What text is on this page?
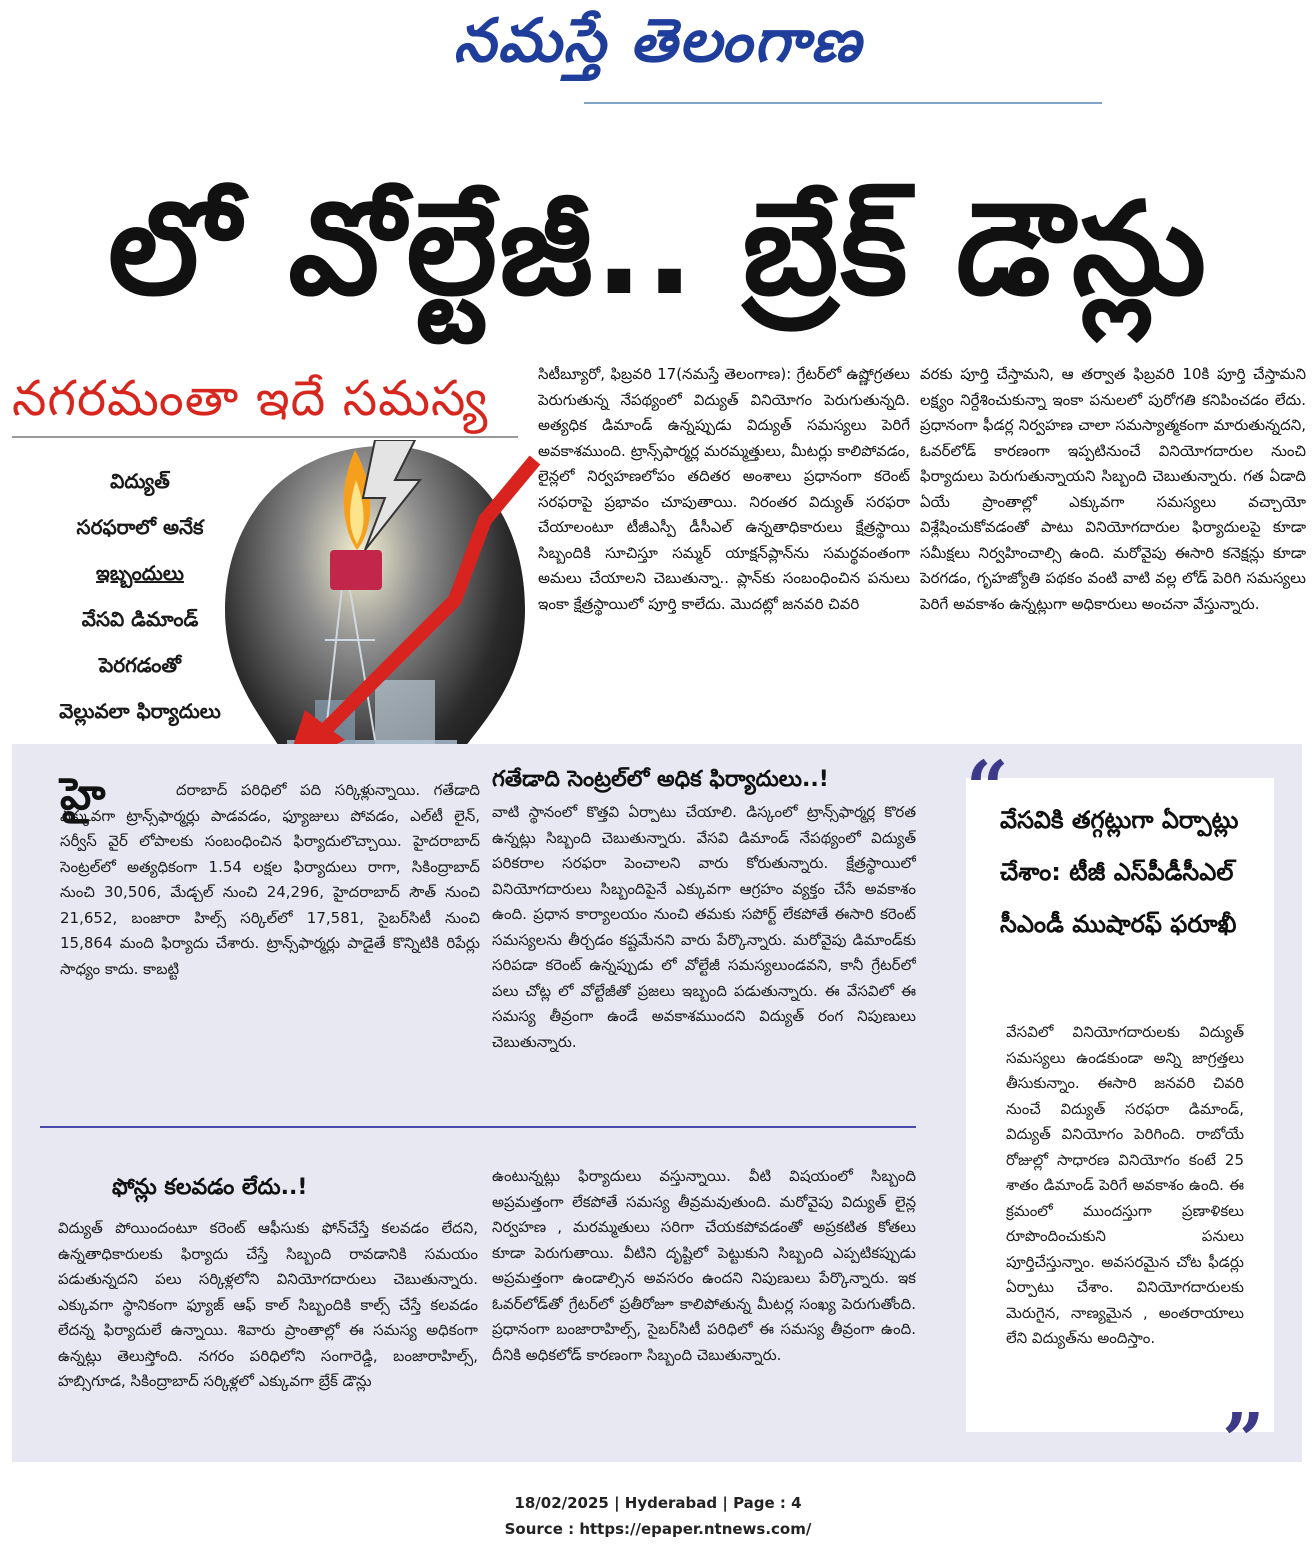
నమస్తే తెలంగాణ
లో వోల్టేజీ.. బ్రేక్ డౌన్లు
నగరమంతా ఇదే సమస్య
విద్యుత్
సరఫరాలో అనేక
ఇబ్బందులు
వేసవి డిమాండ్
పెరగడంతో
వెల్లువలా ఫిర్యాదులు
సిటీబ్యూరో, ఫిబ్రవరి 17(నమస్తే తెలంగాణ): గ్రేటర్‌లో ఉష్ణోగ్రతలు పెరుగుతున్న నేపథ్యంలో విద్యుత్ వినియోగం పెరుగుతున్నది. అత్యధిక డిమాండ్ ఉన్నప్పుడు విద్యుత్ సమస్యలు పెరిగే అవకాశముంది. ట్రాన్స్‌ఫార్మర్ల మరమ్మత్తులు, మీటర్లు కాలిపోవడం, లైన్లలో నిర్వహణలోపం తదితర అంశాలు ప్రధానంగా కరెంట్ సరఫరాపై ప్రభావం చూపుతాయి. నిరంతర విద్యుత్ సరఫరా చేయాలంటూ టీజీఎస్పీ డీసీఎల్ ఉన్నతాధికారులు క్షేత్రస్థాయి సిబ్బందికి సూచిస్తూ సమ్మర్ యాక్షన్‌ప్లాన్‌ను సమర్థవంతంగా అమలు చేయాలని చెబుతున్నా.. ప్లాన్‌కు సంబంధించిన పనులు ఇంకా క్షేత్రస్థాయిలో పూర్తి కాలేదు. మొదట్లో జనవరి చివరి
వరకు పూర్తి చేస్తామని, ఆ తర్వాత ఫిబ్రవరి 10కి పూర్తి చేస్తామని లక్ష్యం నిర్దేశించుకున్నా ఇంకా పనులలో పురోగతి కనిపించడం లేదు. ప్రధానంగా ఫీడర్ల నిర్వహణ చాలా సమస్యాత్మకంగా మారుతున్నదని, ఓవర్‌లోడ్ కారణంగా ఇప్పటినుంచే వినియోగదారుల నుంచి ఫిర్యాదులు పెరుగుతున్నాయని సిబ్బంది చెబుతున్నారు. గత ఏడాది ఏయే ప్రాంతాల్లో ఎక్కువగా సమస్యలు వచ్చాయో విశ్లేషించుకోవడంతో పాటు వినియోగదారుల ఫిర్యాదులపై కూడా సమీక్షలు నిర్వహించాల్సి ఉంది. మరోవైపు ఈసారి కనెక్షన్లు కూడా పెరగడం, గృహజ్యోతి పథకం వంటి వాటి వల్ల లోడ్ పెరిగి సమస్యలు పెరిగే అవకాశం ఉన్నట్లుగా అధికారులు అంచనా వేస్తున్నారు.
హై	దరాబాద్ పరిధిలో పది సర్కిళ్లున్నాయి. గతేడాది ఎక్కువగా ట్రాన్స్‌ఫార్మర్లు పాడవడం, ఫ్యూజులు పోవడం, ఎల్‌టీ లైన్, సర్వీస్ వైర్ లోపాలకు సంబంధించిన ఫిర్యాదులొచ్చాయి. హైదరాబాద్ సెంట్రల్‌లో అత్యధికంగా 1.54 లక్షల ఫిర్యాదులు రాగా, సికింద్రాబాద్ నుంచి 30,506, మేడ్చల్ నుంచి 24,296, హైదరాబాద్ సౌత్ నుంచి 21,652, బంజారా హిల్స్ సర్కిల్‌లో 17,581, సైబర్‌సిటీ నుంచి 15,864 మంది ఫిర్యాదు చేశారు. ట్రాన్స్‌ఫార్మర్లు పాడైతే కొన్నిటికి రిపేర్లు సాధ్యం కాదు. కాబట్టి
గతేడాది సెంట్రల్‌లో అధిక ఫిర్యాదులు..!
వాటి స్థానంలో కొత్తవి ఏర్పాటు చేయాలి. డిస్కంలో ట్రాన్స్‌ఫార్మర్ల కొరత ఉన్నట్లు సిబ్బంది చెబుతున్నారు. వేసవి డిమాండ్ నేపథ్యంలో విద్యుత్ పరికరాల సరఫరా పెంచాలని వారు కోరుతున్నారు. క్షేత్రస్థాయిలో వినియోగదారులు సిబ్బందిపైనే ఎక్కువగా ఆగ్రహం వ్యక్తం చేసే అవకాశం ఉంది. ప్రధాన కార్యాలయం నుంచి తమకు సపోర్ట్ లేకపోతే ఈసారి కరెంట్ సమస్యలను తీర్చడం కష్టమేనని వారు పేర్కొన్నారు. మరోవైపు డిమాండ్‌కు సరిపడా కరెంట్ ఉన్నప్పుడు లో వోల్టేజీ సమస్యలుండవని, కానీ గ్రేటర్‌లో పలు చోట్ల లో వోల్టేజీతో ప్రజలు ఇబ్బంది పడుతున్నారు. ఈ వేసవిలో ఈ సమస్య తీవ్రంగా ఉండే అవకాశముందని విద్యుత్ రంగ నిపుణులు చెబుతున్నారు.
ఫోన్లు కలవడం లేదు..!
విద్యుత్ పోయిందంటూ కరెంట్ ఆఫీసుకు ఫోన్‌చేస్తే కలవడం లేదని, ఉన్నతాధికారులకు ఫిర్యాదు చేస్తే సిబ్బంది రావడానికి సమయం పడుతున్నదని పలు సర్కిళ్లలోని వినియోగదారులు చెబుతున్నారు. ఎక్కువగా స్థానికంగా ఫ్యూజ్ ఆఫ్ కాల్ సిబ్బందికి కాల్స్ చేస్తే కలవడం లేదన్న ఫిర్యాదులే ఉన్నాయి. శివారు ప్రాంతాల్లో ఈ సమస్య అధికంగా ఉన్నట్లు తెలుస్తోంది. నగరం పరిధిలోని సంగారెడ్డి, బంజారాహిల్స్, హబ్సిగూడ, సికింద్రాబాద్ సర్కిళ్లలో ఎక్కువగా బ్రేక్ డౌన్లు
ఉంటున్నట్లు ఫిర్యాదులు వస్తున్నాయి. వీటి విషయంలో సిబ్బంది అప్రమత్తంగా లేకపోతే సమస్య తీవ్రమవుతుంది. మరోవైపు విద్యుత్ లైన్ల నిర్వహణ , మరమ్మతులు సరిగా చేయకపోవడంతో అప్రకటిత కోతలు కూడా పెరుగుతాయి. వీటిని దృష్టిలో పెట్టుకుని సిబ్బంది ఎప్పటికప్పుడు అప్రమత్తంగా ఉండాల్సిన అవసరం ఉందని నిపుణులు పేర్కొన్నారు. ఇక ఓవర్‌లోడ్‌తో గ్రేటర్‌లో ప్రతీరోజూ కాలిపోతున్న మీటర్ల సంఖ్య పెరుగుతోంది. ప్రధానంగా బంజారాహిల్స్, సైబర్‌సిటీ పరిధిలో ఈ సమస్య తీవ్రంగా ఉంది. దీనికి అధికలోడ్ కారణంగా సిబ్బంది చెబుతున్నారు.
“
వేసవికి తగ్గట్లుగా ఏర్పాట్లు చేశాం: టీజీ ఎస్‌పీడీసీఎల్ సీఎండీ ముషారఫ్ ఫరూఖీ
వేసవిలో వినియోగదారులకు విద్యుత్ సమస్యలు ఉండకుండా అన్ని జాగ్రత్తలు తీసుకున్నాం. ఈసారి జనవరి చివరి నుంచే విద్యుత్ సరఫరా డిమాండ్, విద్యుత్ వినియోగం పెరిగింది. రాబోయే రోజుల్లో సాధారణ వినియోగం కంటే 25 శాతం డిమాండ్ పెరిగే అవకాశం ఉంది. ఈ క్రమంలో ముందస్తుగా ప్రణాళికలు రూపొందించుకుని పనులు పూర్తిచేస్తున్నాం. అవసరమైన చోట ఫీడర్లు ఏర్పాటు చేశాం. వినియోగదారులకు మెరుగైన, నాణ్యమైన , అంతరాయాలు లేని విద్యుత్‌ను అందిస్తాం.
”
18/02/2025 | Hyderabad | Page : 4
Source : https://epaper.ntnews.com/
